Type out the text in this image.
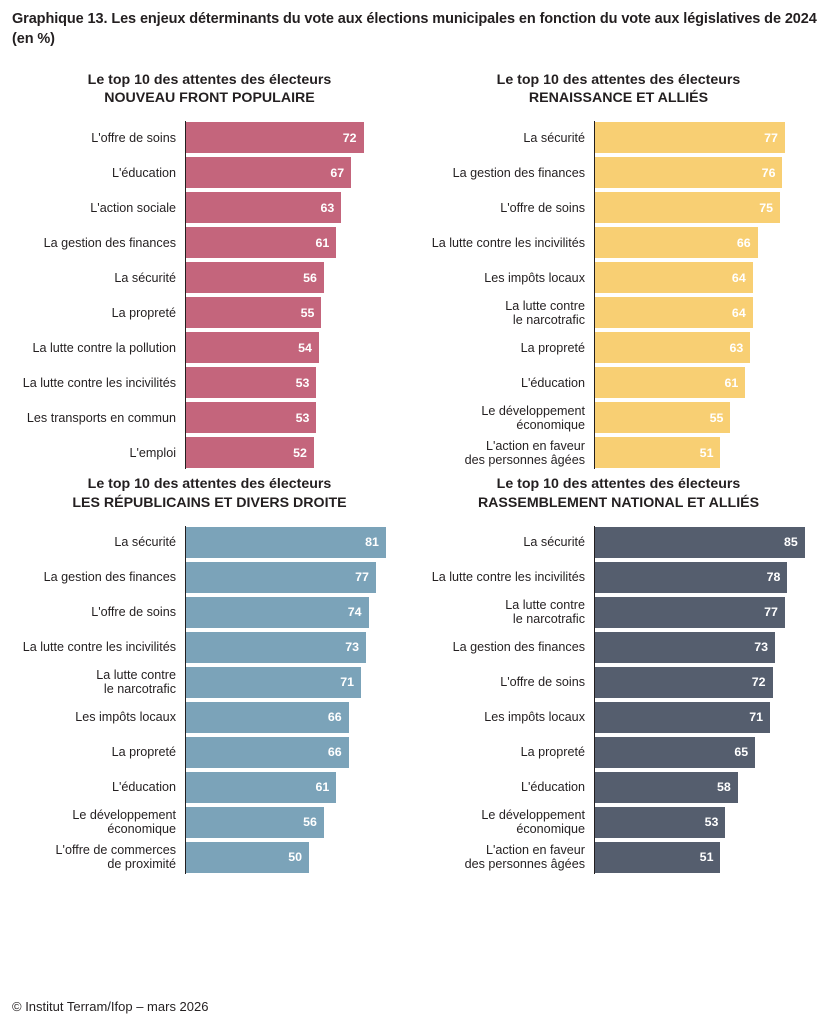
Graphique 13. Les enjeux déterminants du vote aux élections municipales en fonction du vote aux législatives de 2024 (en %)
Le top 10 des attentes des électeurs
NOUVEAU FRONT POPULAIRE
L'offre de soins	72
L'éducation	67
L'action sociale	63
La gestion des finances	61
La sécurité	56
La propreté	55
La lutte contre la pollution	54
La lutte contre les incivilités	53
Les transports en commun	53
L'emploi	52
Le top 10 des attentes des électeurs
RENAISSANCE ET ALLIÉS
La sécurité	77
La gestion des finances	76
L'offre de soins	75
La lutte contre les incivilités	66
Les impôts locaux	64
La lutte contre
le narcotrafic	64
La propreté	63
L'éducation	61
Le développement
économique	55
L'action en faveur
des personnes âgées	51
Le top 10 des attentes des électeurs
LES RÉPUBLICAINS ET DIVERS DROITE
La sécurité	81
La gestion des finances	77
L'offre de soins	74
La lutte contre les incivilités	73
La lutte contre
le narcotrafic	71
Les impôts locaux	66
La propreté	66
L'éducation	61
Le développement
économique	56
L'offre de commerces
de proximité	50
Le top 10 des attentes des électeurs
RASSEMBLEMENT NATIONAL ET ALLIÉS
La sécurité	85
La lutte contre les incivilités	78
La lutte contre
le narcotrafic	77
La gestion des finances	73
L'offre de soins	72
Les impôts locaux	71
La propreté	65
L'éducation	58
Le développement
économique	53
L'action en faveur
des personnes âgées	51
© Institut Terram/Ifop – mars 2026
